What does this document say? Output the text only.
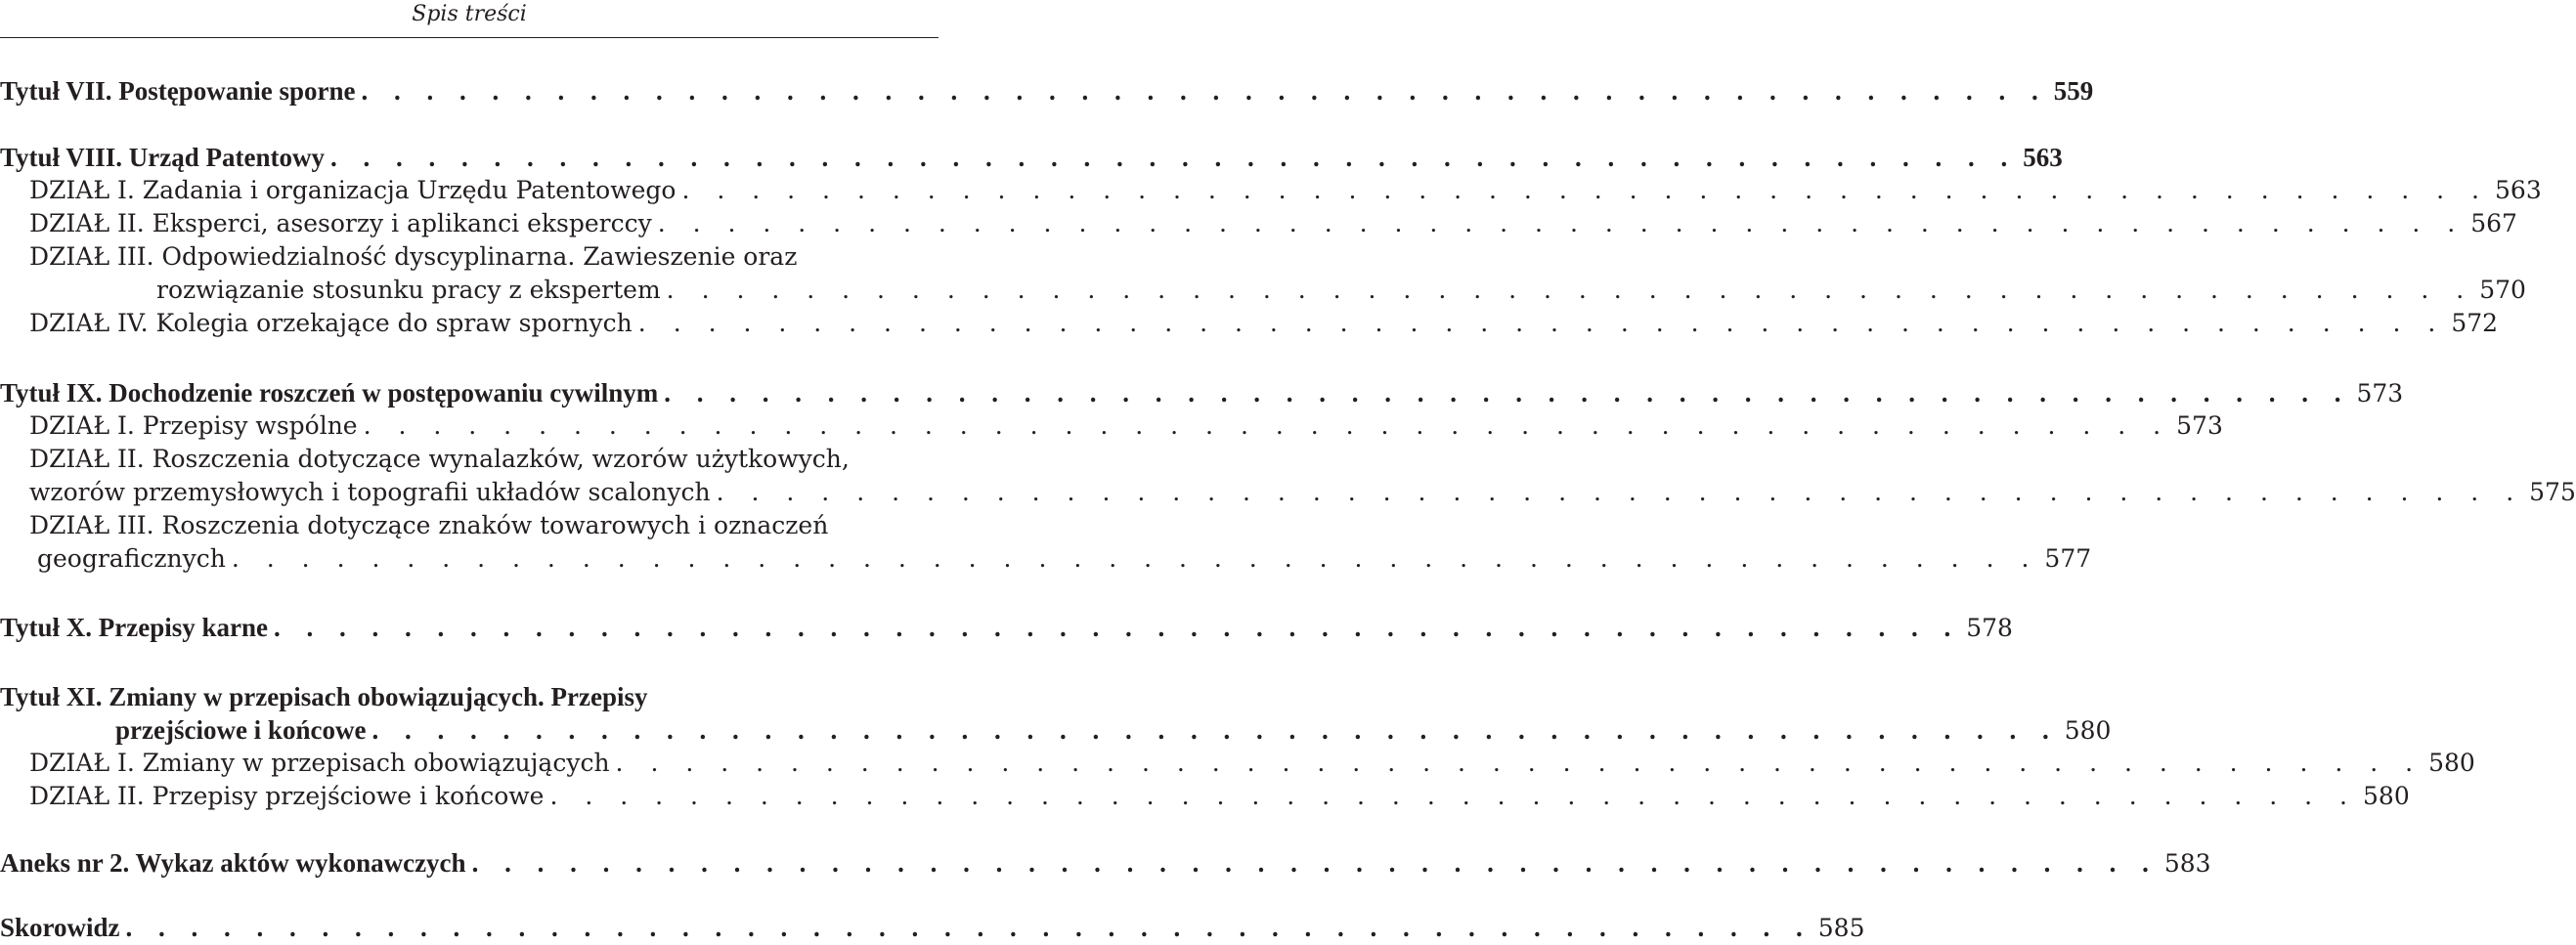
Spis treści
Tytuł VII. Postępowanie sporne . . . . . . . . . . . . . . . . . . . . . . . . . . . . . . . . . . . . . . . . . . . . . . . . . . . . 559
Tytuł VIII. Urząd Patentowy . . . . . . . . . . . . . . . . . . . . . . . . . . . . . . . . . . . . . . . . . . . . . . . . . . . . 563
DZIAŁ I. Zadania i organizacja Urzędu Patentowego . . . . . . . . . . . . . . . . . . . . . . . . . . . . . . . . . . . . . . . . . . . . . . . . . . . . 563
DZIAŁ II. Eksperci, asesorzy i aplikanci eksperccy . . . . . . . . . . . . . . . . . . . . . . . . . . . . . . . . . . . . . . . . . . . . . . . . . . . . 567
DZIAŁ III. Odpowiedzialność dyscyplinarna. Zawieszenie oraz
rozwiązanie stosunku pracy z ekspertem . . . . . . . . . . . . . . . . . . . . . . . . . . . . . . . . . . . . . . . . . . . . . . . . . . . . 570
DZIAŁ IV. Kolegia orzekające do spraw spornych . . . . . . . . . . . . . . . . . . . . . . . . . . . . . . . . . . . . . . . . . . . . . . . . . . . . 572
Tytuł IX. Dochodzenie roszczeń w postępowaniu cywilnym . . . . . . . . . . . . . . . . . . . . . . . . . . . . . . . . . . . . . . . . . . . . . . . . . . . . 573
DZIAŁ I. Przepisy wspólne . . . . . . . . . . . . . . . . . . . . . . . . . . . . . . . . . . . . . . . . . . . . . . . . . . . . 573
DZIAŁ II. Roszczenia dotyczące wynalazków, wzorów użytkowych,
wzorów przemysłowych i topografii układów scalonych . . . . . . . . . . . . . . . . . . . . . . . . . . . . . . . . . . . . . . . . . . . . . . . . . . . . 575
DZIAŁ III. Roszczenia dotyczące znaków towarowych i oznaczeń
geograficznych . . . . . . . . . . . . . . . . . . . . . . . . . . . . . . . . . . . . . . . . . . . . . . . . . . . . 577
Tytuł X. Przepisy karne . . . . . . . . . . . . . . . . . . . . . . . . . . . . . . . . . . . . . . . . . . . . . . . . . . . . 578
Tytuł XI. Zmiany w przepisach obowiązujących. Przepisy
przejściowe i końcowe . . . . . . . . . . . . . . . . . . . . . . . . . . . . . . . . . . . . . . . . . . . . . . . . . . . . 580
DZIAŁ I. Zmiany w przepisach obowiązujących . . . . . . . . . . . . . . . . . . . . . . . . . . . . . . . . . . . . . . . . . . . . . . . . . . . . 580
DZIAŁ II. Przepisy przejściowe i końcowe . . . . . . . . . . . . . . . . . . . . . . . . . . . . . . . . . . . . . . . . . . . . . . . . . . . . 580
Aneks nr 2. Wykaz aktów wykonawczych . . . . . . . . . . . . . . . . . . . . . . . . . . . . . . . . . . . . . . . . . . . . . . . . . . . . 583
Skorowidz . . . . . . . . . . . . . . . . . . . . . . . . . . . . . . . . . . . . . . . . . . . . . . . . . . . . 585
